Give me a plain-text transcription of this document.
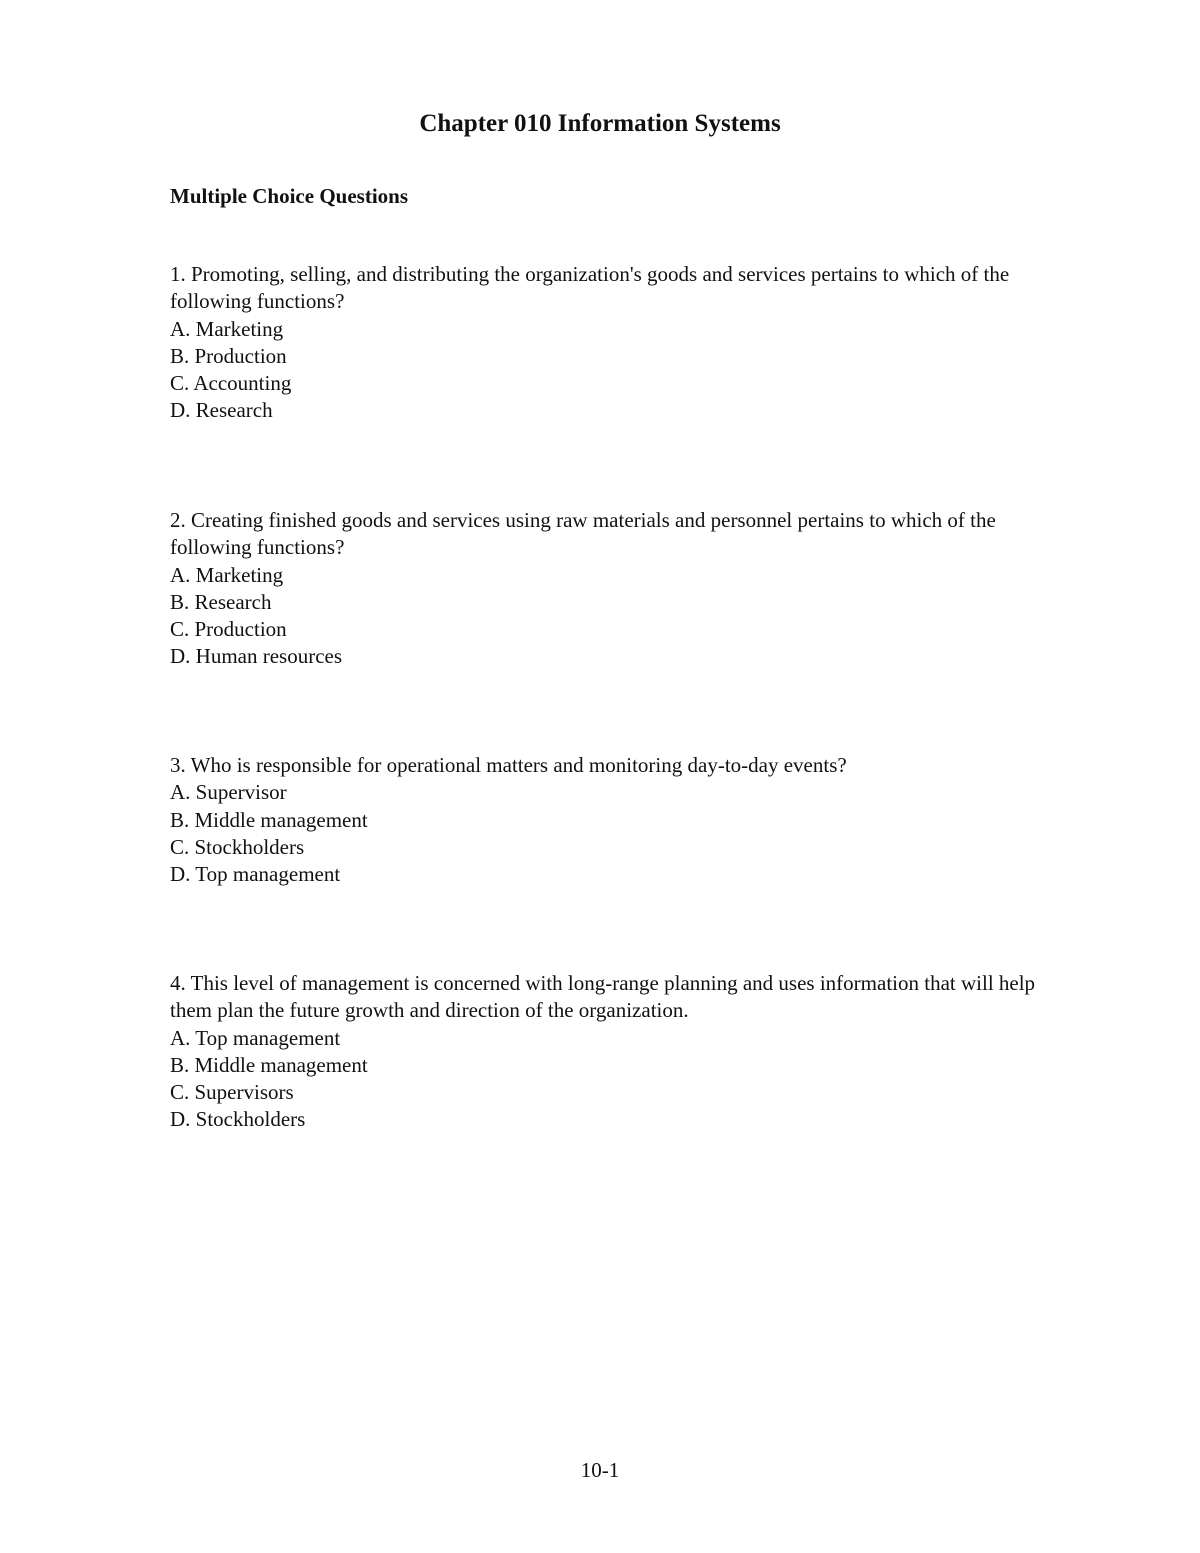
Chapter 010 Information Systems
Multiple Choice Questions

1. Promoting, selling, and distributing the organization's goods and services pertains to which of the following functions?

A. Marketing
B. Production
C. Accounting
D. Research

2. Creating finished goods and services using raw materials and personnel pertains to which of the following functions?

A. Marketing
B. Research
C. Production
D. Human resources

3. Who is responsible for operational matters and monitoring day-to-day events?

A. Supervisor
B. Middle management
C. Stockholders
D. Top management

4. This level of management is concerned with long-range planning and uses information that will help them plan the future growth and direction of the organization.

A. Top management
B. Middle management
C. Supervisors
D. Stockholders
10-1
